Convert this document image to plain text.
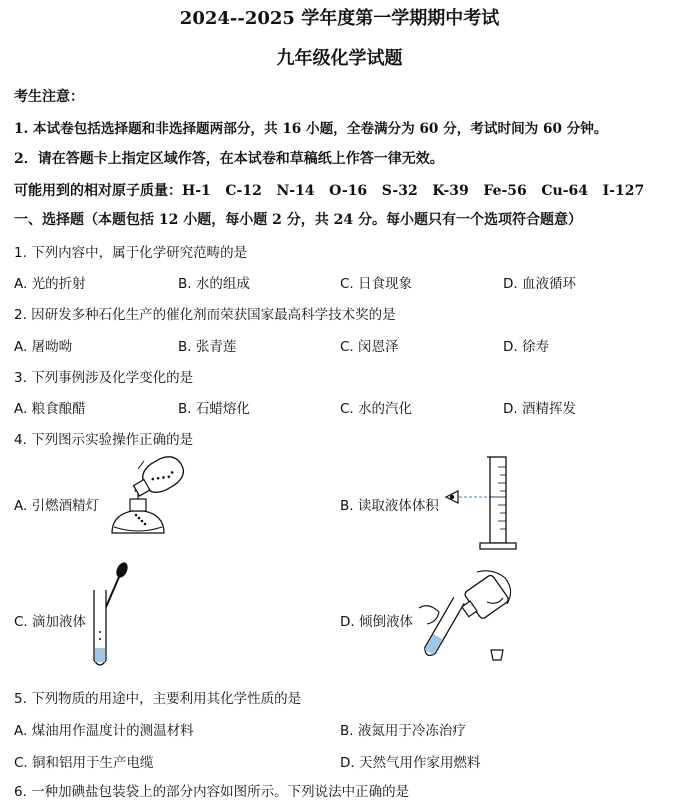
2024--2025 学年度第一学期期中考试
九年级化学试题
考生注意：
1. 本试卷包括选择题和非选择题两部分，共 16 小题，全卷满分为 60 分，考试时间为 60 分钟。
2．请在答题卡上指定区域作答，在本试卷和草稿纸上作答一律无效。
可能用到的相对原子质量：H-1   C-12   N-14   O-16   S-32   K-39   Fe-56   Cu-64   I-127
一、选择题（本题包括 12 小题，每小题 2 分，共 24 分。每小题只有一个选项符合题意）
1. 下列内容中，属于化学研究范畴的是
A. 光的折射	B. 水的组成	C. 日食现象	D. 血液循环
2. 因研发多种石化生产的催化剂而荣获国家最高科学技术奖的是
A. 屠呦呦	B. 张青莲	C. 闵恩泽	D. 徐寿
3. 下列事例涉及化学变化的是
A. 粮食酿醋	B. 石蜡熔化	C. 水的汽化	D. 酒精挥发
4. 下列图示实验操作正确的是
A. 引燃酒精灯	B. 读取液体体积
C. 滴加液体	D. 倾倒液体
5. 下列物质的用途中，主要利用其化学性质的是
A. 煤油用作温度计的测温材料	B. 液氮用于冷冻治疗
C. 铜和铝用于生产电缆	D. 天然气用作家用燃料
6. 一种加碘盐包装袋上的部分内容如图所示。下列说法中正确的是
